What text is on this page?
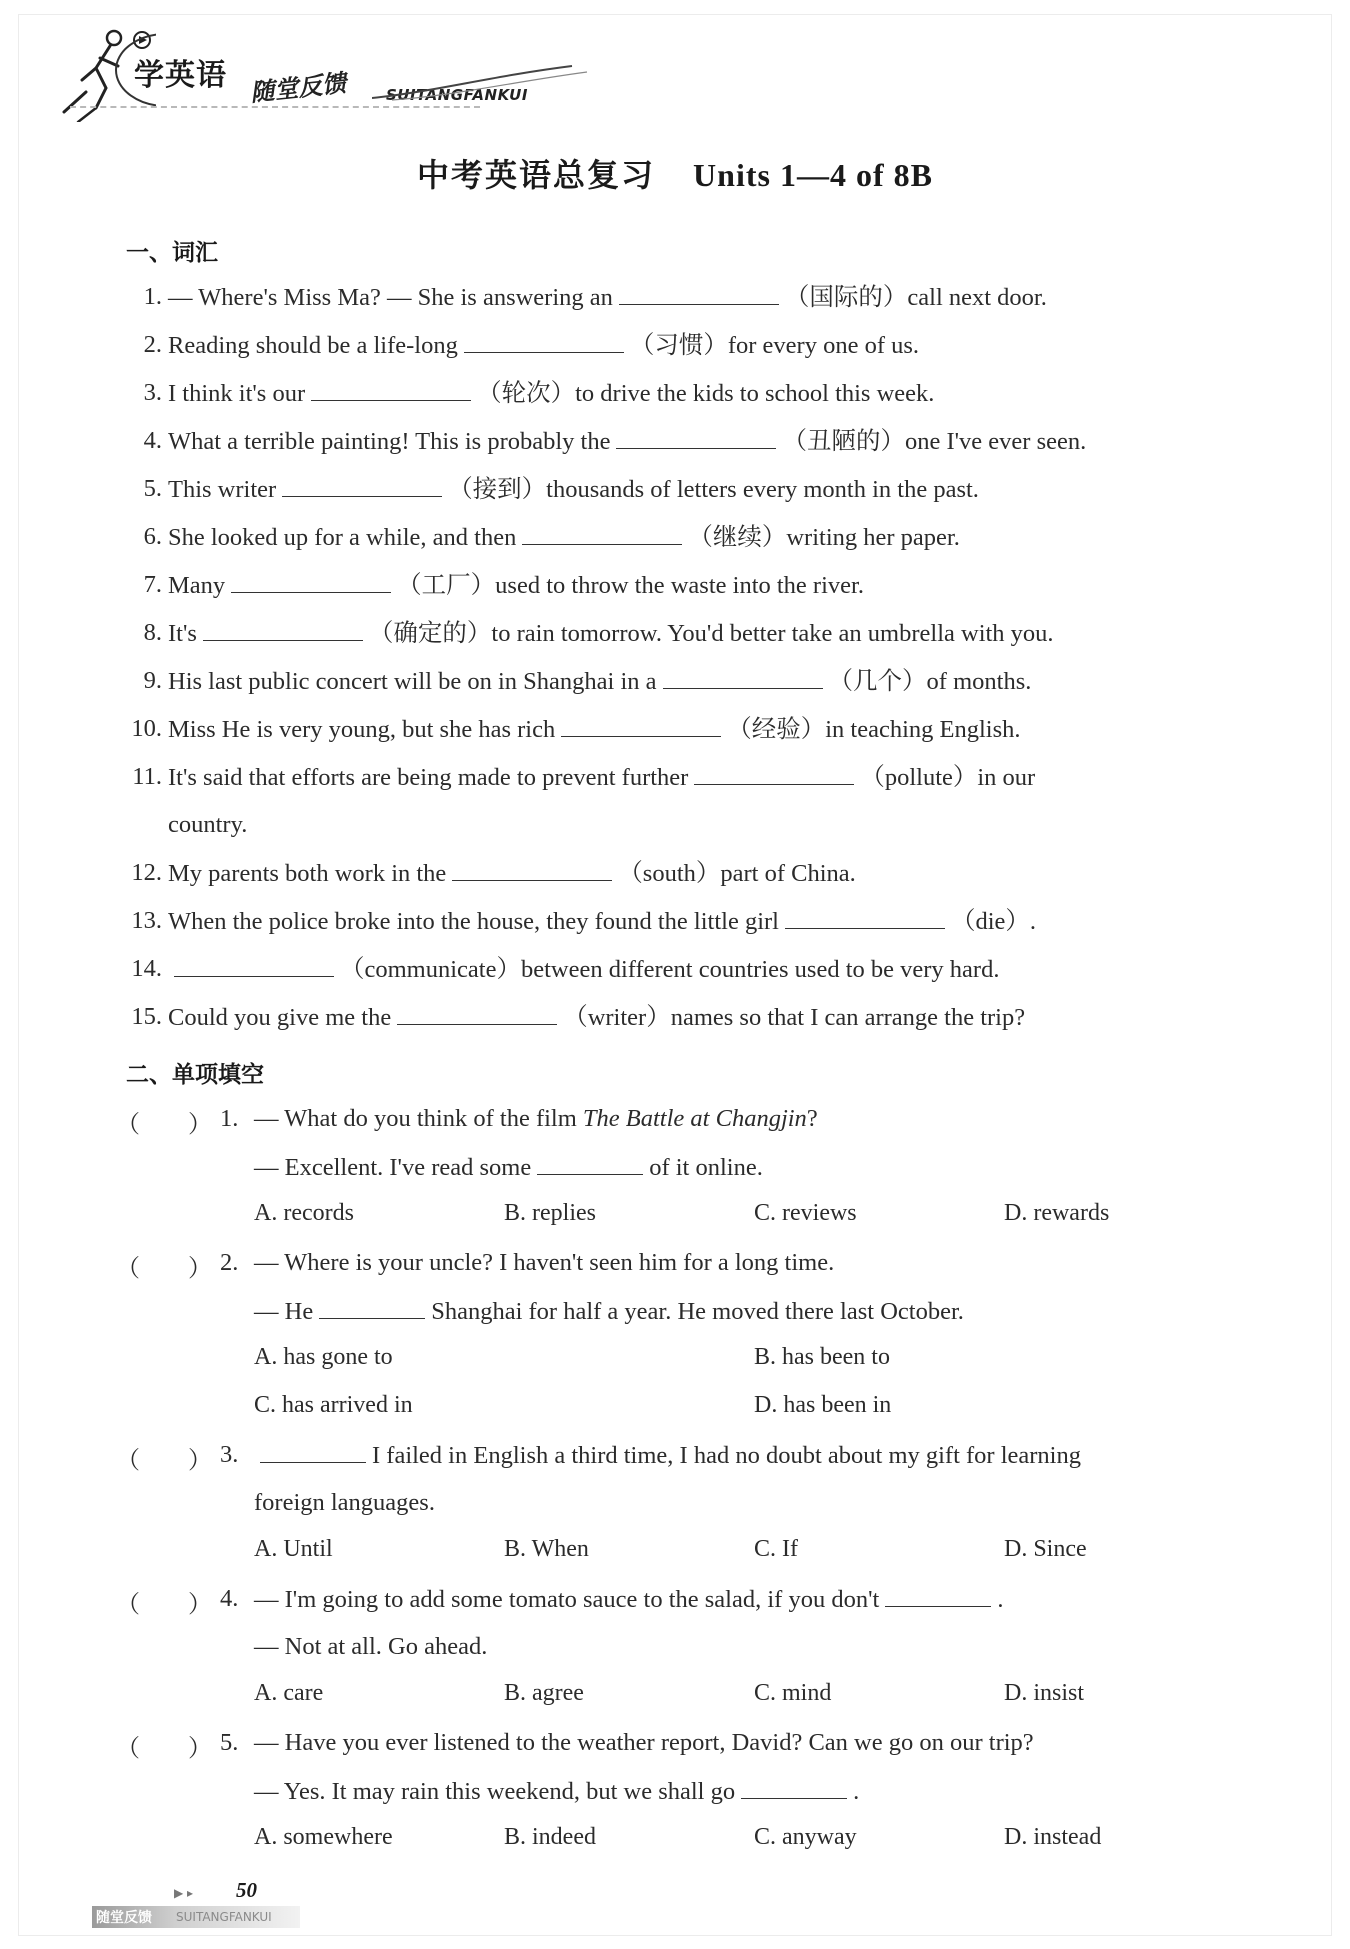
学英语 随堂反馈	SUITANGFANKUI
中考英语总复习 Units 1—4 of 8B
一、词汇
1. — Where's Miss Ma? — She is answering an	（国际的）call next door.
2. Reading should be a life-long	（习惯）for every one of us.
3. I think it's our	（轮次）to drive the kids to school this week.
4. What a terrible painting! This is probably the	（丑陋的）one I've ever seen.
5. This writer	（接到）thousands of letters every month in the past.
6. She looked up for a while, and then	（继续）writing her paper.
7. Many	（工厂）used to throw the waste into the river.
8. It's	（确定的）to rain tomorrow. You'd better take an umbrella with you.
9. His last public concert will be on in Shanghai in a	（几个）of months.
10. Miss He is very young, but she has rich	（经验）in teaching English.
11. It's said that efforts are being made to prevent further	（pollute）in our
country.
12. My parents both work in the	（south）part of China.
13. When the police broke into the house, they found the little girl	（die）.
14.	（communicate）between different countries used to be very hard.
15. Could you give me the	（writer）names so that I can arrange the trip?
二、单项填空
（　　） 1. — What do you think of the film The Battle at Changjin?
— Excellent. I've read some	of it online.
A. records	B. replies	C. reviews	D. rewards
（　　） 2. — Where is your uncle? I haven't seen him for a long time.
— He	Shanghai for half a year. He moved there last October.
A. has gone to	B. has been to
C. has arrived in	D. has been in
（　　） 3.	I failed in English a third time, I had no doubt about my gift for learning
foreign languages.
A. Until	B. When	C. If	D. Since
（　　） 4. — I'm going to add some tomato sauce to the salad, if you don't	.
— Not at all. Go ahead.
A. care	B. agree	C. mind	D. insist
（　　） 5. — Have you ever listened to the weather report, David? Can we go on our trip?
— Yes. It may rain this weekend, but we shall go	.
A. somewhere	B. indeed	C. anyway	D. instead
▶ ▸ 50
随堂反馈 SUITANGFANKUI
